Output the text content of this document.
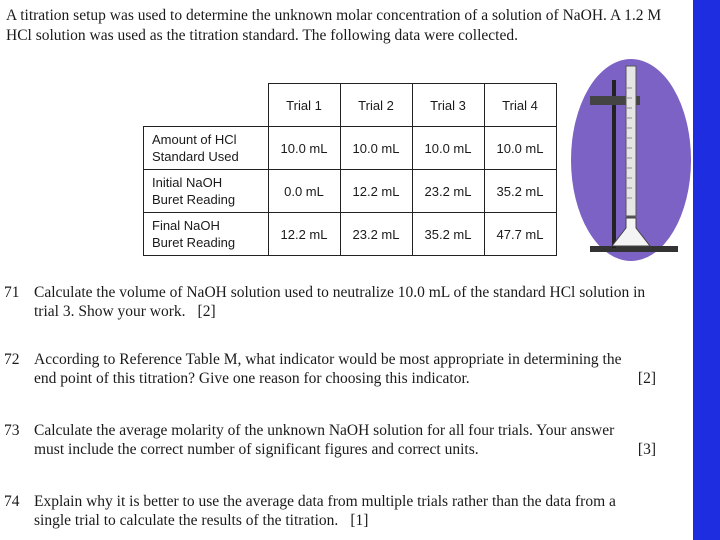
A titration setup was used to determine the unknown molar concentration of a solution of NaOH. A 1.2 M HCl solution was used as the titration standard. The following data were collected.
	Trial 1	Trial 2	Trial 3	Trial 4
Amount of HCl
Standard Used	10.0 mL	10.0 mL	10.0 mL	10.0 mL
Initial NaOH
Buret Reading	0.0 mL	12.2 mL	23.2 mL	35.2 mL
Final NaOH
Buret Reading	12.2 mL	23.2 mL	35.2 mL	47.7 mL
71 Calculate the volume of NaOH solution used to neutralize 10.0 mL of the standard HCl solution in trial 3. Show your work. [2]
72
[2]
According to Reference Table M, what indicator would be most appropriate in determining the end point of this titration? Give one reason for choosing this indicator.
73
[3]
Calculate the average molarity of the unknown NaOH solution for all four trials. Your answer must include the correct number of significant figures and correct units.
74 Explain why it is better to use the average data from multiple trials rather than the data from a single trial to calculate the results of the titration. [1]
